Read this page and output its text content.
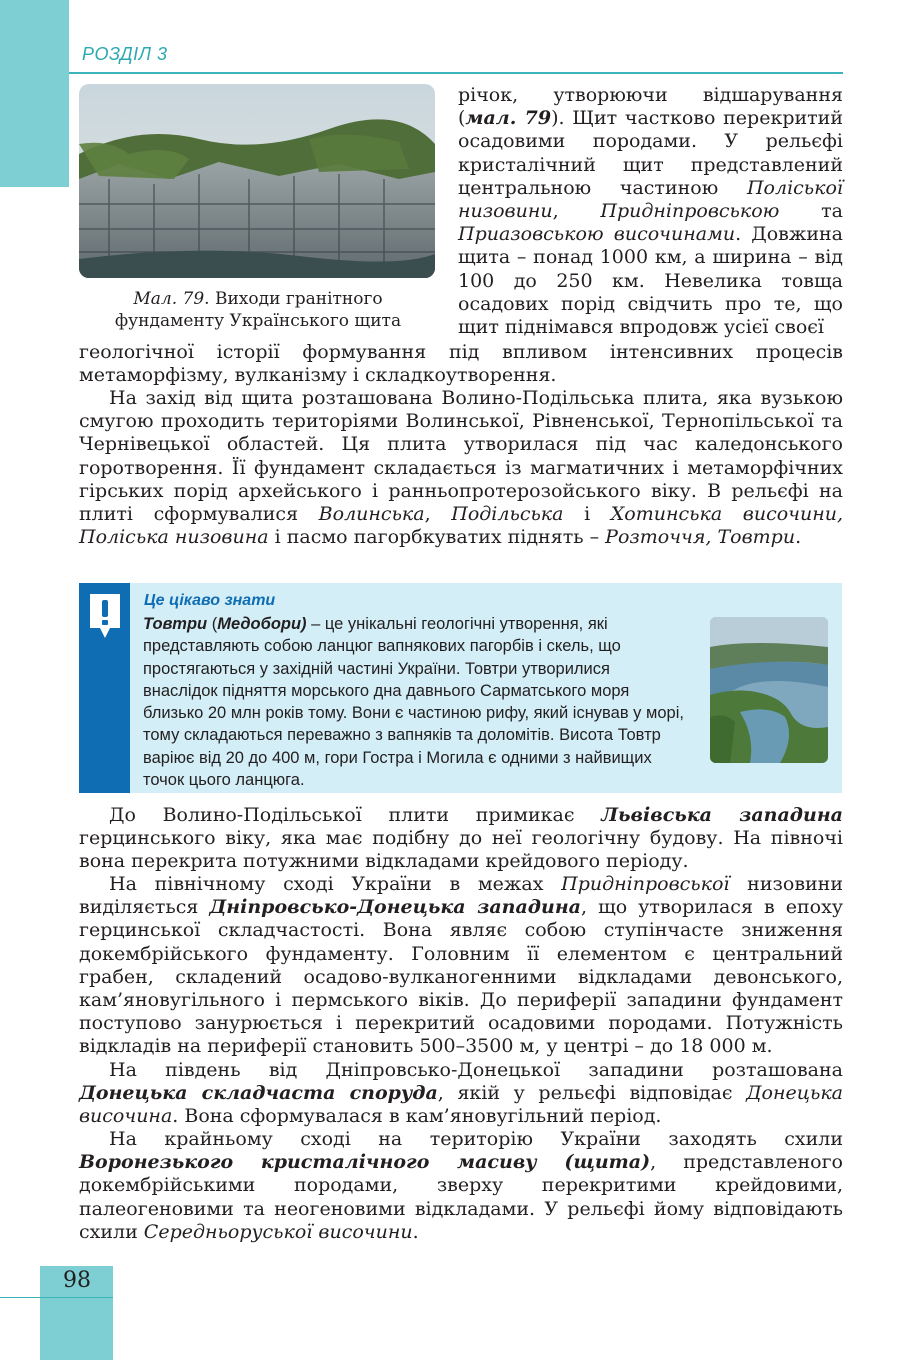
РОЗДІЛ 3
Мал. 79. Виходи гранітного фундаменту Українського щита
річок, утворюючи відшарування (мал. 79). Щит частково перекритий осадовими породами. У рельєфі кристалічний щит представлений центральною частиною Поліської низовини, Придніпровською та Приазовською височинами. Довжина щита – понад 1000 км, а ширина – від 100 до 250 км. Невелика товща осадових порід свідчить про те, що щит піднімався впродовж усієї своєї
геологічної історії формування під впливом інтенсивних процесів метаморфізму, вулканізму і складкоутворення.
На захід від щита розташована Волино-Подільська плита, яка вузькою смугою проходить територіями Волинської, Рівненської, Тернопільської та Чернівецької областей. Ця плита утворилася під час каледонського горотворення. Її фундамент складається із магматичних і метаморфічних гірських порід архейського і ранньопротерозойського віку. В рельєфі на плиті сформувалися Волинська, Подільська і Хотинська височини, Поліська низовина і пасмо пагорбкуватих піднять – Розточчя, Товтри.
Це цікаво знати
Товтри (Медобори) – це унікальні геологічні утворення, які представляють собою ланцюг вапнякових пагорбів і скель, що простягаються у західній частині України. Товтри утворилися внаслідок підняття морського дна давнього Сарматського моря близько 20 млн років тому. Вони є частиною рифу, який існував у морі, тому складаються переважно з вапняків та доломітів. Висота Товтр варіює від 20 до 400 м, гори Гостра і Могила є одними з найвищих точок цього ланцюга.
До Волино-Подільської плити примикає Львівська западина герцинського віку, яка має подібну до неї геологічну будову. На півночі вона перекрита потужними відкладами крейдового періоду.
На північному сході України в межах Придніпровської низовини виділяється Дніпровсько-Донецька западина, що утворилася в епоху герцинської складчастості. Вона являє собою ступінчасте зниження докембрійського фундаменту. Головним її елементом є центральний грабен, складений осадово-вулканогенними відкладами девонського, кам’яновугільного і пермського віків. До периферії западини фундамент поступово занурюється і перекритий осадовими породами. Потужність відкладів на периферії становить 500–3500 м, у центрі – до 18 000 м.
На південь від Дніпровсько-Донецької западини розташована Донецька складчаста споруда, якій у рельєфі відповідає Донецька височина. Вона сформувалася в кам’яновугільний період.
На крайньому сході на територію України заходять схили Воронезького кристалічного масиву (щита), представленого докембрійськими породами, зверху перекритими крейдовими, палеогеновими та неогеновими відкладами. У рельєфі йому відповідають схили Середньоруської височини.
98
